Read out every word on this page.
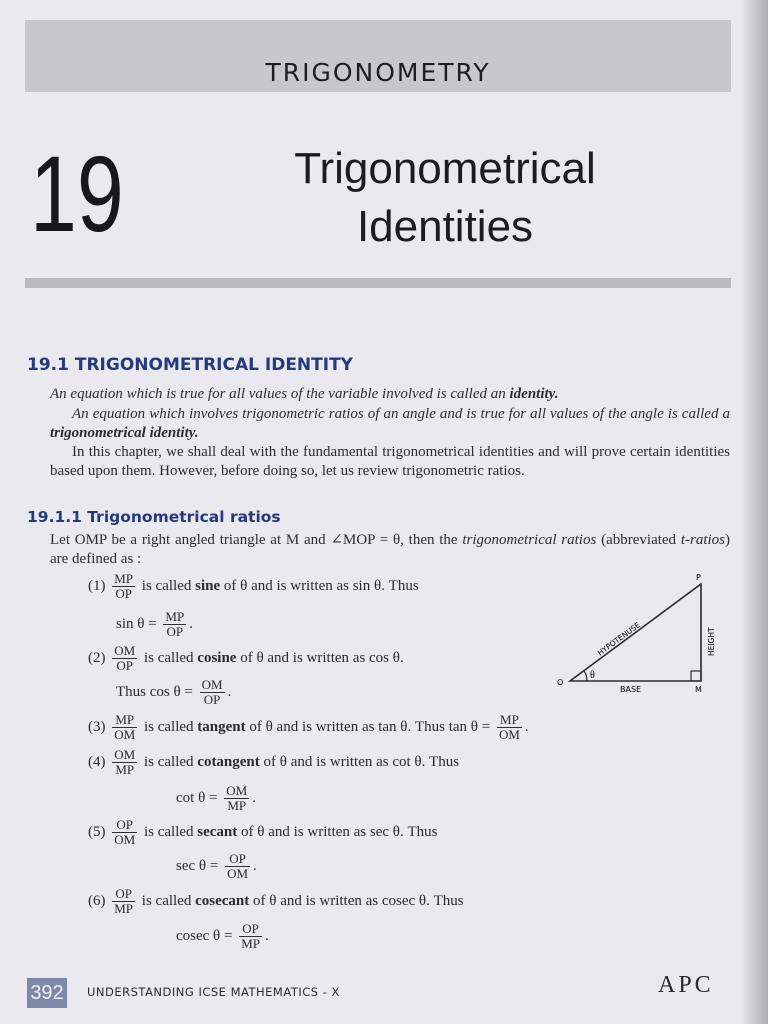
TRIGONOMETRY
19	Trigonometrical
Identities
19.1 TRIGONOMETRICAL IDENTITY
An equation which is true for all values of the variable involved is called an identity.
An equation which involves trigonometric ratios of an angle and is true for all values of the angle is called a trigonometrical identity.
In this chapter, we shall deal with the fundamental trigonometrical identities and will prove certain identities based upon them. However, before doing so, let us review trigonometric ratios.
19.1.1 Trigonometrical ratios
Let OMP be a right angled triangle at M and ∠MOP = θ, then the trigonometrical ratios (abbreviated t-ratios) are defined as :
$(1) \frac{MP}{OP}$ is called sine of θ and is written as sin θ. Thus
$\sin \theta = \frac{MP}{OP}$ .
$(2) \frac{OM}{OP}$ is called cosine of θ and is written as cos θ.
Thus $\cos \theta = \frac{OM}{OP}$ .
$(3) \frac{MP}{OM}$ is called tangent of θ and is written as tan θ. Thus $\tan \theta = \frac{MP}{OM}$ .
$(4) \frac{OM}{MP}$ is called cotangent of θ and is written as cot θ. Thus
$\cot \theta = \frac{OM}{MP}$ .
$(5) \frac{OP}{OM}$ is called secant of θ and is written as sec θ. Thus
$\sec \theta = \frac{OP}{OM}$ .
$(6) \frac{OP}{MP}$ is called cosecant of θ and is written as cosec θ. Thus
cosec $\theta = \frac{OP}{MP}$ .
P
O
M
θ
HYPOTENUSE	HEIGHT
BASE
392 UNDERSTANDING ICSE MATHEMATICS - X	APC
